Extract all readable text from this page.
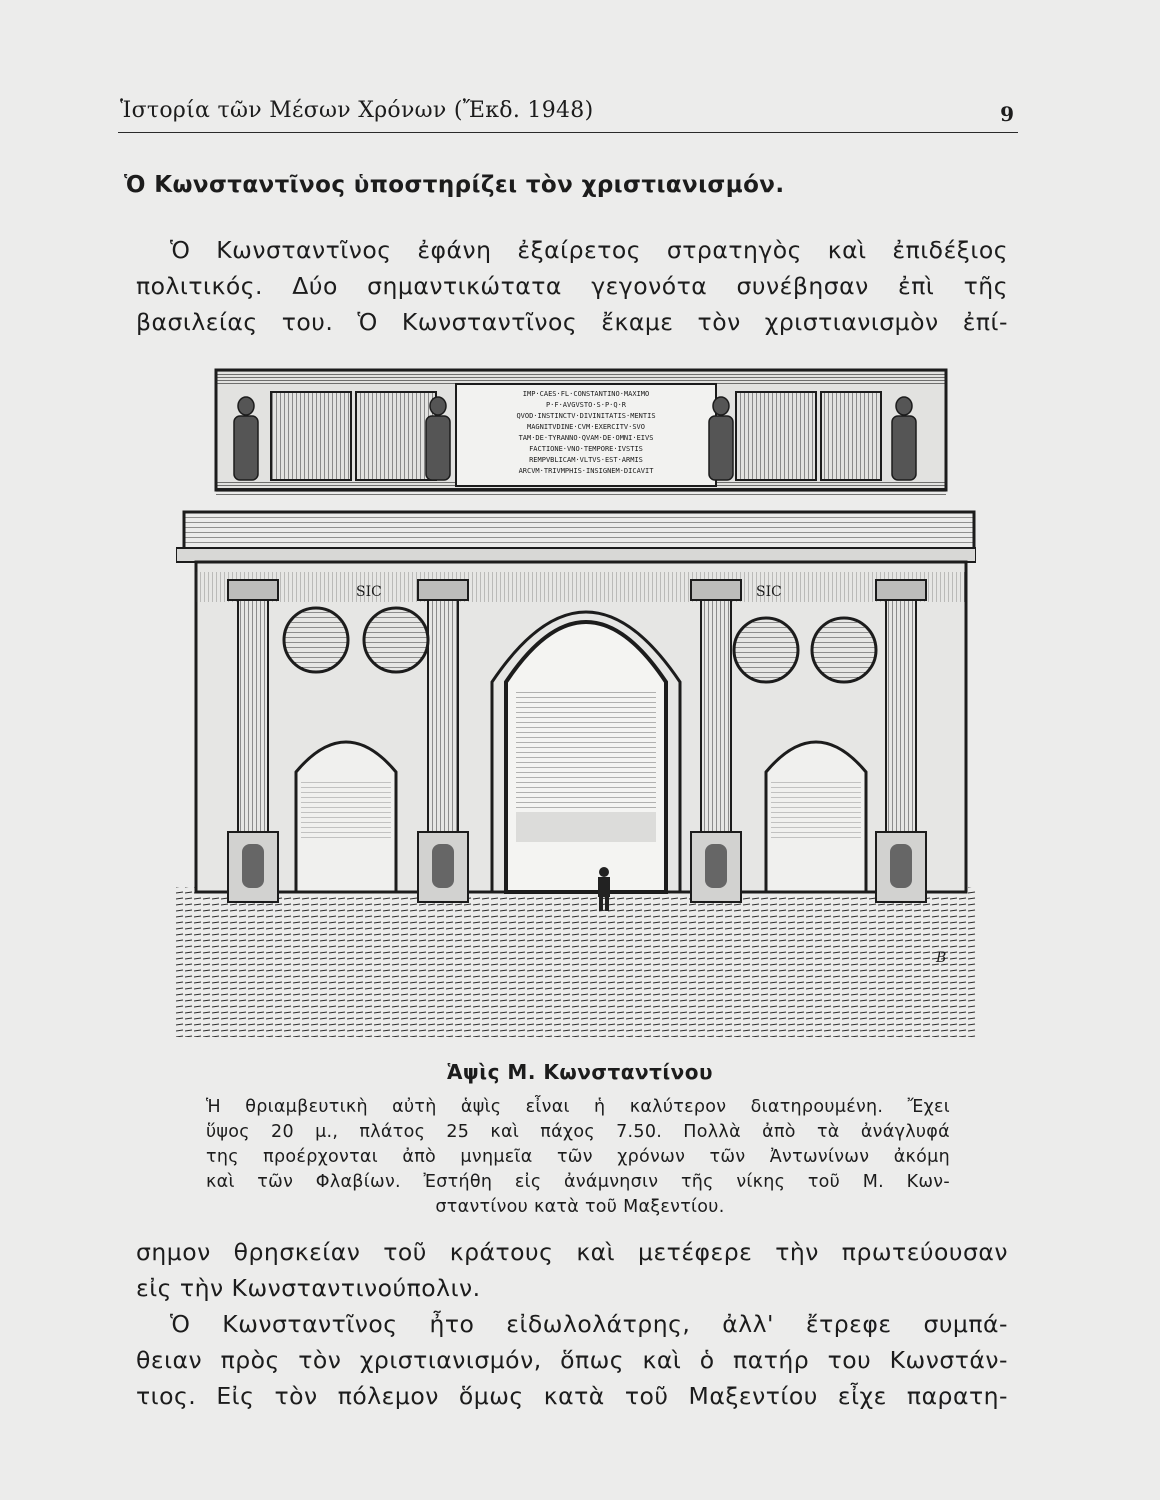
Ἱστορία τῶν Μέσων Χρόνων (Ἔκδ. 1948)	9
Ὁ Κωνσταντῖνος ὑποστηρίζει τὸν χριστιανισμόν.
Ὁ Κωνσταντῖνος ἐφάνη ἐξαίρετος στρατηγὸς καὶ ἐπιδέξιος
πολιτικός. Δύο σημαντικώτατα γεγονότα συνέβησαν ἐπὶ τῆς
βασιλείας του. Ὁ Κωνσταντῖνος ἔκαμε τὸν χριστιανισμὸν ἐπί-
IMP·CAES·FL·CONSTANTINO·MAXIMO
P·F·AVGVSTO·S·P·Q·R
QVOD·INSTINCTV·DIVINITATIS·MENTIS
MAGNITVDINE·CVM·EXERCITV·SVO
TAM·DE·TYRANNO·QVAM·DE·OMNI·EIVS
FACTIONE·VNO·TEMPORE·IVSTIS
REMPVBLICAM·VLTVS·EST·ARMIS
ARCVM·TRIVMPHIS·INSIGNEM·DICAVIT
SIC	SIC
B
Ἁψὶς Μ. Κωνσταντίνου
Ἡ θριαμβευτικὴ αὐτὴ ἁψὶς εἶναι ἡ καλύτερον διατηρουμένη. Ἔχει
ὕψος 20 μ., πλάτος 25 καὶ πάχος 7.50. Πολλὰ ἀπὸ τὰ ἀνάγλυφά
της προέρχονται ἀπὸ μνημεῖα τῶν χρόνων τῶν Ἀντωνίνων ἀκόμη
καὶ τῶν Φλαβίων. Ἐστήθη εἰς ἀνάμνησιν τῆς νίκης τοῦ Μ. Κων-
σταντίνου κατὰ τοῦ Μαξεντίου.
σημον θρησκείαν τοῦ κράτους καὶ μετέφερε τὴν πρωτεύουσαν
εἰς τὴν Κωνσταντινούπολιν.
Ὁ Κωνσταντῖνος ἦτο εἰδωλολάτρης, ἀλλ' ἔτρεφε συμπά-
θειαν πρὸς τὸν χριστιανισμόν, ὅπως καὶ ὁ πατήρ του Κωνστάν-
τιος. Εἰς τὸν πόλεμον ὅμως κατὰ τοῦ Μαξεντίου εἶχε παρατη-
